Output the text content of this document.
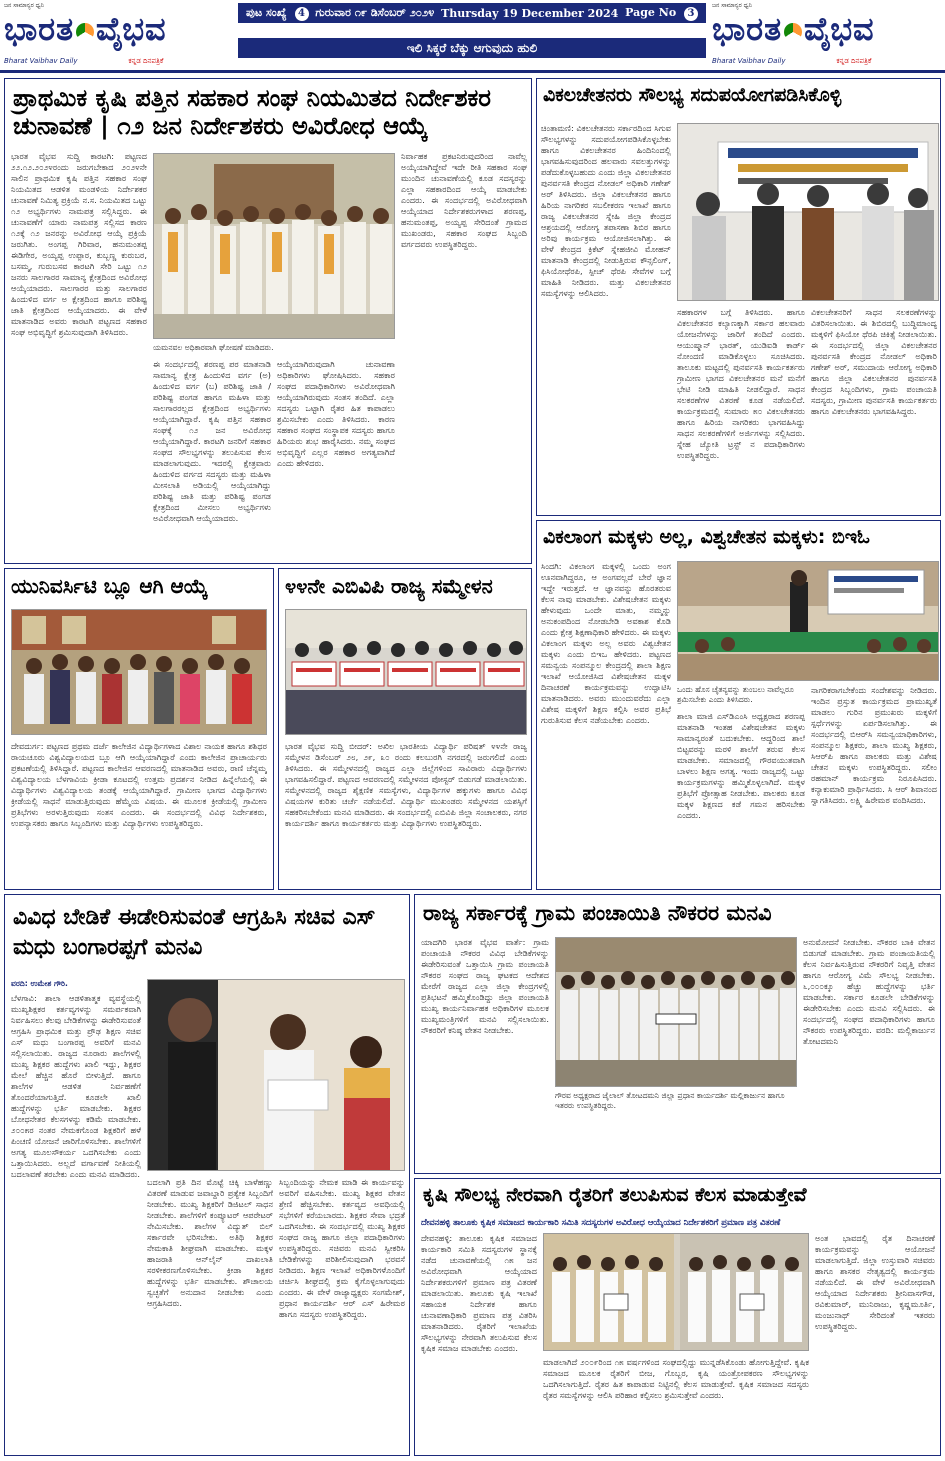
ಜನ ಸಾಮಾನ್ಯರ ಧ್ವನಿ
ಭಾರತ ವೈಭವ
Bharat Vaibhav Daily	ಕನ್ನಡ ದಿನಪತ್ರಿಕೆ
ಪುಟ ಸಂಖ್ಯೆ 4 ಗುರುವಾರ ೧೯ ಡಿಸೆಂಬರ್ ೨೦೨೪ Thursday 19 December 2024 Page No 3
ಇಲಿ ಸಿಕ್ಕರೆ ಬೆಕ್ಕು ಆಗುವುದು ಹುಲಿ
ಜನ ಸಾಮಾನ್ಯರ ಧ್ವನಿ
ಭಾರತ ವೈಭವ
Bharat Vaibhav Daily	ಕನ್ನಡ ದಿನಪತ್ರಿಕೆ
ಪ್ರಾಥಮಿಕ ಕೃಷಿ ಪತ್ತಿನ ಸಹಕಾರ ಸಂಘ ನಿಯಮಿತದ ನಿರ್ದೇಶಕರ ಚುನಾವಣೆ | ೧೨ ಜನ ನಿರ್ದೇಶಕರು ಅವಿರೋಧ ಆಯ್ಕೆ
ಭಾರತ ವೈಭವ ಸುದ್ದಿ ಕಾರಟಗಿ: ಪಟ್ಟಣದ ೨೨.೧೨.೨೦೨೪ರಂದು ಜರುಗಬೇಕಾದ ೨೦೨೪ನೇ ಸಾಲಿನ ಪ್ರಾಥಮಿಕ ಕೃಷಿ ಪತ್ತಿನ ಸಹಕಾರ ಸಂಘ ನಿಯಮಿತದ ಆಡಳಿತ ಮಂಡಳಿಯ ನಿರ್ದೇಶಕರ ಚುನಾವಣೆ ನಿಮಿತ್ಯ ಪ್ರಕ್ರಿಯೆ ನ.ಸ. ನಿಯಮಿತದ ಒಟ್ಟು ೧೨ ಅಭ್ಯರ್ಥಿಗಳು ನಾಮಪತ್ರ ಸಲ್ಲಿಸಿದ್ದರು. ಈ ಚುನಾವಣೆಗೆ ಯಾರು ನಾಮಪತ್ರ ಸಲ್ಲಿಸದ ಕಾರಣ ೧೨ಕ್ಕೆ ೧೨ ಜನರನ್ನು ಅವಿರೋಧ ಆಯ್ಕೆ ಪ್ರಕ್ರಿಯೆ ಜರುಗಿತು. ಅಂಗಪ್ಪ ಗಿರಿವಾರ, ಹನುಮಂತಪ್ಪ ಈಡಿಗೇರ, ಅಯ್ಯಪ್ಪ ಉಪ್ಪಾರ, ಕುಬ್ಬಣ್ಣ ಕುರುಬರ, ಬಸಮ್ಮ, ಗುರುಬಸವ ಕಾರಟಗಿ ಸೇರಿ ಒಟ್ಟು ೧೨ ಜನರು ಸಾಲಗಾರರ ಸಾಮಾನ್ಯ ಕ್ಷೇತ್ರದಿಂದ ಅವಿರೋಧ ಆಯ್ಕೆಯಾದರು. ಸಾಲಗಾರರ ಮತ್ತು ಸಾಲಗಾರರ ಹಿಂದುಳಿದ ವರ್ಗ ಅ ಕ್ಷೇತ್ರದಿಂದ ಹಾಗೂ ಪರಿಶಿಷ್ಟ ಜಾತಿ ಕ್ಷೇತ್ರದಿಂದ ಆಯ್ಕೆಯಾದರು. ಈ ವೇಳೆ ಮಾತನಾಡಿದ ಅವರು ಕಾರಟಗಿ ಪಟ್ಟಣದ ಸಹಕಾರ ಸಂಘ ಅಭಿವೃದ್ಧಿಗೆ ಶ್ರಮಿಸುವುದಾಗಿ ತಿಳಿಸಿದರು.
ಯಮನವಲ ಅಧಿಕಾರವಾಗಿ ಘೋಷಣೆ ಮಾಡಿದರು.
ಈ ಸಂದರ್ಭದಲ್ಲಿ ಶರಣಪ್ಪ ಪರ ಮಾತನಾಡಿ ಸಾಮಾನ್ಯ ಕ್ಷೇತ್ರ ಹಿಂದುಳಿದ ವರ್ಗ (ಅ) ಹಿಂದುಳಿದ ವರ್ಗ (ಬ) ಪರಿಶಿಷ್ಟ ಜಾತಿ / ಪರಿಶಿಷ್ಟ ಪಂಗಡ ಹಾಗೂ ಮಹಿಳಾ ಮತ್ತು ಸಾಲಗಾರರಲ್ಲದ ಕ್ಷೇತ್ರದಿಂದ ಅಭ್ಯರ್ಥಿಗಳು ಆಯ್ಕೆಯಾಗಿದ್ದಾರೆ. ಕೃಷಿ ಪತ್ತಿನ ಸಹಕಾರ ಸಂಘಕ್ಕೆ ೧೨ ಜನ ಅವಿರೋಧ ಆಯ್ಕೆಯಾಗಿದ್ದಾರೆ. ಕಾರಟಗಿ ಜನರಿಗೆ ಸಹಕಾರ ಸಂಘದ ಸೌಲಭ್ಯಗಳನ್ನು ತಲುಪಿಸುವ ಕೆಲಸ ಮಾಡಲಾಗುವುದು. ಇದರಲ್ಲಿ ಕ್ಷೇತ್ರವಾರು ಹಿಂದುಳಿದ ವರ್ಗದ ಸದಸ್ಯರು ಮತ್ತು ಮಹಿಳಾ ಮೀಸಲಾತಿ ಅಡಿಯಲ್ಲಿ ಆಯ್ಕೆಯಾಗಿದ್ದು ಪರಿಶಿಷ್ಟ ಜಾತಿ ಮತ್ತು ಪರಿಶಿಷ್ಟ ಪಂಗಡ ಕ್ಷೇತ್ರದಿಂದ ಮೀಸಲು ಅಭ್ಯರ್ಥಿಗಳು ಅವಿರೋಧವಾಗಿ ಆಯ್ಕೆಯಾದರು.
ಆಯ್ಕೆಯಾಗಿರುವುದಾಗಿ ಚುನಾವಣಾ ಅಧಿಕಾರಿಗಳು ಘೋಷಿಸಿದರು. ಸಹಕಾರ ಸಂಘದ ಪದಾಧಿಕಾರಿಗಳು ಅವಿರೋಧವಾಗಿ ಆಯ್ಕೆಯಾಗಿರುವುದು ಸಂತಸ ತಂದಿದೆ. ಎಲ್ಲಾ ಸದಸ್ಯರು ಒಟ್ಟಾಗಿ ರೈತರ ಹಿತ ಕಾಪಾಡಲು ಶ್ರಮಿಸಬೇಕು ಎಂದು ತಿಳಿಸಿದರು. ಕಾರಣ ಸಹಕಾರ ಸಂಘದ ಸಂಸ್ಥಾಪಕ ಸದಸ್ಯರು ಹಾಗೂ ಹಿರಿಯರು ಶುಭ ಹಾರೈಸಿದರು. ನಮ್ಮ ಸಂಘದ ಅಭಿವೃದ್ಧಿಗೆ ಎಲ್ಲರ ಸಹಕಾರ ಅಗತ್ಯವಾಗಿದೆ ಎಂದು ಹೇಳಿದರು.
ನಿರ್ವಾಹಕ ಪ್ರಕಟನಿರುವುದರಿಂದ ನಾವೆಲ್ಲ ಅಯ್ಕೆಯಾಗಿದ್ದೇವೆ ಇದೇ ರೀತಿ ಸಹಕಾರ ಸಂಘ ಮುಂದಿನ ಚುನಾವಣೆಯಲ್ಲಿ ಕೂಡ ಸದಸ್ಯರನ್ನು ಎಲ್ಲಾ ಸಹಕಾರದಿಂದ ಆಯ್ಕೆ ಮಾಡಬೇಕು ಎಂದರು. ಈ ಸಂದರ್ಭದಲ್ಲಿ ಅವಿರೋಧವಾಗಿ ಆಯ್ಕೆಯಾದ ನಿರ್ದೇಶಕರುಗಳಾದ ಶರಣಪ್ಪ, ಹನುಮಂತಪ್ಪ, ಅಯ್ಯಪ್ಪ ಸೇರಿದಂತೆ ಗ್ರಾಮದ ಮುಖಂಡರು, ಸಹಕಾರ ಸಂಘದ ಸಿಬ್ಬಂದಿ ವರ್ಗದವರು ಉಪಸ್ಥಿತರಿದ್ದರು.
ವಿಕಲಚೇತನರು ಸೌಲಭ್ಯ ಸದುಪಯೋಗಪಡಿಸಿಕೊಳ್ಳಿ
ಚಿಂತಾಮಣಿ: ವಿಕಲಚೇತನರು ಸರ್ಕಾರದಿಂದ ಸಿಗುವ ಸೌಲಭ್ಯಗಳನ್ನು ಸದುಪಯೋಗಪಡಿಸಿಕೊಳ್ಳಬೇಕು ಹಾಗೂ ವಿಕಲಚೇತನರ ಹಿಂದಿನಿಂದಲ್ಲಿ ಭಾಗವಹಿಸುವುದರಿಂದ ಹಲವಾರು ಸವಲತ್ತುಗಳನ್ನು ಪಡೆದುಕೊಳ್ಳಬಹುದು ಎಂದು ಜಿಲ್ಲಾ ವಿಕಲಚೇತನರ ಪುನರ್ವಸತಿ ಕೇಂದ್ರದ ನೋಡಲ್ ಅಧಿಕಾರಿ ಗಣೇಶ್ ಅರ್ ತಿಳಿಸಿದರು. ಜಿಲ್ಲಾ ವಿಕಲಚೇತನರ ಹಾಗೂ ಹಿರಿಯ ನಾಗರಿಕರ ಸಬಲೀಕರಣ ಇಲಾಖೆ ಹಾಗೂ ರಾಜ್ಯ ವಿಕಲಚೇತನರ ಸ್ನೇಹಿ ಜಿಲ್ಲಾ ಕೇಂದ್ರದ ಆಶ್ರಯದಲ್ಲಿ ಆರೋಗ್ಯ ತಪಾಸಣಾ ಶಿಬಿರ ಹಾಗೂ ಅರಿವು ಕಾರ್ಯಕ್ರಮ ಆಯೋಜಿಸಲಾಗಿತ್ತು. ಈ ವೇಳೆ ಕೇಂದ್ರದ ಕ್ರಿಕೆಟ್ ಸ್ನೇಹಜೀವಿ ಮೋಹನ್ ಮಾತನಾಡಿ ಕೇಂದ್ರದಲ್ಲಿ ನೀಡುತ್ತಿರುವ ಕೌನ್ಸಲಿಂಗ್, ಫಿಸಿಯೋಥೆರಪಿ, ಸ್ಪೀಚ್ ಥೆರಪಿ ಸೇವೆಗಳ ಬಗ್ಗೆ ಮಾಹಿತಿ ನೀಡಿದರು. ಮತ್ತು ವಿಕಲಚೇತನರ ಸಮಸ್ಯೆಗಳನ್ನು ಆಲಿಸಿದರು.
ಸಹಕಾರಗಳ ಬಗ್ಗೆ ತಿಳಿಸಿದರು. ಹಾಗೂ ವಿಕಲಚೇತನರ ಕಲ್ಯಾಣಕ್ಕಾಗಿ ಸರ್ಕಾರ ಹಲವಾರು ಯೋಜನೆಗಳನ್ನು ಜಾರಿಗೆ ತಂದಿದೆ ಎಂದರು. ಆಯುಷ್ಮಾನ್ ಭಾರತ್, ಯುಡಿಐಡಿ ಕಾರ್ಡ್ ನೋಂದಣಿ ಮಾಡಿಕೊಳ್ಳಲು ಸೂಚಿಸಿದರು. ತಾಲೂಕು ಮಟ್ಟದಲ್ಲಿ ಪುನರ್ವಸತಿ ಕಾರ್ಯಕರ್ತರು ಗ್ರಾಮೀಣ ಭಾಗದ ವಿಕಲಚೇತನರ ಮನೆ ಮನೆಗೆ ಭೇಟಿ ನೀಡಿ ಮಾಹಿತಿ ನೀಡಲಿದ್ದಾರೆ. ಸಾಧನ ಸಲಕರಣೆಗಳ ವಿತರಣೆ ಕೂಡ ನಡೆಯಲಿದೆ. ಕಾರ್ಯಕ್ರಮದಲ್ಲಿ ಸುಮಾರು ೫೦ ವಿಕಲಚೇತನರು ಹಾಗೂ ಹಿರಿಯ ನಾಗರಿಕರು ಭಾಗವಹಿಸಿದ್ದು ಸಾಧನ ಸಲಕರಣೆಗಳಿಗೆ ಅರ್ಜಿಗಳನ್ನು ಸಲ್ಲಿಸಿದರು. ಸ್ನೇಹ ಜ್ಯೋತಿ ಟ್ರಸ್ಟ್ ನ ಪದಾಧಿಕಾರಿಗಳು ಉಪಸ್ಥಿತರಿದ್ದರು.
ವಿಕಲಚೇತನರಿಗೆ ಸಾಧನ ಸಲಕರಣೆಗಳನ್ನು ವಿತರಿಸಲಾಯಿತು. ಈ ಶಿಬಿರದಲ್ಲಿ ಬುದ್ಧಿಮಾಂದ್ಯ ಮಕ್ಕಳಿಗೆ ಫಿಸಿಯೋ ಥೆರಪಿ ಚಿಕಿತ್ಸೆ ನೀಡಲಾಯಿತು. ಈ ಸಂದರ್ಭದಲ್ಲಿ ಜಿಲ್ಲಾ ವಿಕಲಚೇತನರ ಪುನರ್ವಸತಿ ಕೇಂದ್ರದ ನೋಡಲ್ ಅಧಿಕಾರಿ ಗಣೇಶ್ ಅರ್, ಸಮುದಾಯ ಆರೋಗ್ಯ ಅಧಿಕಾರಿ ಹಾಗೂ ಜಿಲ್ಲಾ ವಿಕಲಚೇತನರ ಪುನರ್ವಸತಿ ಕೇಂದ್ರದ ಸಿಬ್ಬಂದಿಗಳು, ಗ್ರಾಮ ಪಂಚಾಯತಿ ಸದಸ್ಯರು, ಗ್ರಾಮೀಣ ಪುನರ್ವಸತಿ ಕಾರ್ಯಕರ್ತರು ಹಾಗೂ ವಿಕಲಚೇತನರು ಭಾಗವಹಿಸಿದ್ದರು.
ಯುನಿವರ್ಸಿಟಿ ಬ್ಲೂ ಆಗಿ ಆಯ್ಕೆ
ದೇವದುರ್ಗ: ಪಟ್ಟಣದ ಪ್ರಥಮ ದರ್ಜೆ ಕಾಲೇಜಿನ ವಿದ್ಯಾರ್ಥಿಗಳಾದ ವಿಶಾಲ ನಾಯಕ ಹಾಗೂ ಶಶಿಧರ ರಾಯಚೂರು ವಿಶ್ವವಿದ್ಯಾಲಯದ ಬ್ಲೂ ಆಗಿ ಆಯ್ಕೆಯಾಗಿದ್ದಾರೆ ಎಂದು ಕಾಲೇಜಿನ ಪ್ರಾಚಾರ್ಯರು ಪ್ರಕಟಣೆಯಲ್ಲಿ ತಿಳಿಸಿದ್ದಾರೆ. ಪಟ್ಟಣದ ಕಾಲೇಜಿನ ಆವರಣದಲ್ಲಿ ಮಾತನಾಡಿದ ಅವರು, ರಾಣಿ ಚೆನ್ನಮ್ಮ ವಿಶ್ವವಿದ್ಯಾಲಯ ಬೆಳಗಾವಿಯ ಕ್ರೀಡಾ ಕೂಟದಲ್ಲಿ ಉತ್ತಮ ಪ್ರದರ್ಶನ ನೀಡಿದ ಹಿನ್ನೆಲೆಯಲ್ಲಿ ಈ ವಿದ್ಯಾರ್ಥಿಗಳು ವಿಶ್ವವಿದ್ಯಾಲಯ ತಂಡಕ್ಕೆ ಆಯ್ಕೆಯಾಗಿದ್ದಾರೆ. ಗ್ರಾಮೀಣ ಭಾಗದ ವಿದ್ಯಾರ್ಥಿಗಳು ಕ್ರೀಡೆಯಲ್ಲಿ ಸಾಧನೆ ಮಾಡುತ್ತಿರುವುದು ಹೆಮ್ಮೆಯ ವಿಷಯ. ಈ ಮೂಲಕ ಕ್ರೀಡೆಯಲ್ಲಿ ಗ್ರಾಮೀಣ ಪ್ರತಿಭೆಗಳು ಅರಳುತ್ತಿರುವುದು ಸಂತಸ ಎಂದರು. ಈ ಸಂದರ್ಭದಲ್ಲಿ ವಿವಿಧ ನಿರ್ದೇಶಕರು, ಉಪನ್ಯಾಸಕರು ಹಾಗೂ ಸಿಬ್ಬಂದಿಗಳು ಮತ್ತು ವಿದ್ಯಾರ್ಥಿಗಳು ಉಪಸ್ಥಿತರಿದ್ದರು.
೪೪ನೇ ಎಬಿವಿಪಿ ರಾಜ್ಯ ಸಮ್ಮೇಳನ
ಭಾರತ ವೈಭವ ಸುದ್ದಿ ಬೀದರ್: ಅಖಿಲ ಭಾರತೀಯ ವಿದ್ಯಾರ್ಥಿ ಪರಿಷತ್ ೪೪ನೇ ರಾಜ್ಯ ಸಮ್ಮೇಳನ ಡಿಸೆಂಬರ್ ೨೮, ೨೯, ೩೦ ರಂದು ಕಲಬುರಗಿ ನಗರದಲ್ಲಿ ಜರುಗಲಿದೆ ಎಂದು ತಿಳಿಸಿದರು. ಈ ಸಮ್ಮೇಳನದಲ್ಲಿ ರಾಜ್ಯದ ಎಲ್ಲಾ ಜಿಲ್ಲೆಗಳಿಂದ ಸಾವಿರಾರು ವಿದ್ಯಾರ್ಥಿಗಳು ಭಾಗವಹಿಸಲಿದ್ದಾರೆ. ಪಟ್ಟಣದ ಆವರಣದಲ್ಲಿ ಸಮ್ಮೇಳನದ ಪೋಸ್ಟರ್ ಬಿಡುಗಡೆ ಮಾಡಲಾಯಿತು. ಸಮ್ಮೇಳನದಲ್ಲಿ ರಾಜ್ಯದ ಶೈಕ್ಷಣಿಕ ಸಮಸ್ಯೆಗಳು, ವಿದ್ಯಾರ್ಥಿಗಳ ಹಕ್ಕುಗಳು ಹಾಗೂ ವಿವಿಧ ವಿಷಯಗಳ ಕುರಿತು ಚರ್ಚೆ ನಡೆಯಲಿದೆ. ವಿದ್ಯಾರ್ಥಿ ಮುಖಂಡರು ಸಮ್ಮೇಳನದ ಯಶಸ್ಸಿಗೆ ಸಹಕರಿಸಬೇಕೆಂದು ಮನವಿ ಮಾಡಿದರು. ಈ ಸಂದರ್ಭದಲ್ಲಿ ಎಬಿವಿಪಿ ಜಿಲ್ಲಾ ಸಂಚಾಲಕರು, ನಗರ ಕಾರ್ಯದರ್ಶಿ ಹಾಗೂ ಕಾರ್ಯಕರ್ತರು ಮತ್ತು ವಿದ್ಯಾರ್ಥಿಗಳು ಉಪಸ್ಥಿತರಿದ್ದರು.
ವಿಕಲಾಂಗ ಮಕ್ಕಳು ಅಲ್ಲ, ವಿಶ್ವಚೇತನ ಮಕ್ಕಳು: ಬಿಇಓ
ಸಿಂದಗಿ: ವಿಕಲಾಂಗ ಮಕ್ಕಳಲ್ಲಿ ಒಂದು ಅಂಗ ಊನವಾಗಿದ್ದರೂ, ಆ ಅಂಗವಲ್ಲದೆ ಬೇರೆ ಜ್ಞಾನ ಇದ್ದೇ ಇರುತ್ತದೆ. ಆ ಜ್ಞಾನವನ್ನು ಹೊರತರುವ ಕೆಲಸ ನಾವು ಮಾಡಬೇಕು. ವಿಶೇಷಚೇತನ ಮಕ್ಕಳು ಹೇಳುವುದು ಒಂದೇ ಮಾತು, ನಮ್ಮನ್ನು ಅನುಕಂಪದಿಂದ ನೋಡಬೇಡಿ ಅವಕಾಶ ಕೊಡಿ ಎಂದು ಕ್ಷೇತ್ರ ಶಿಕ್ಷಣಾಧಿಕಾರಿ ಹೇಳಿದರು. ಈ ಮಕ್ಕಳು ವಿಕಲಾಂಗ ಮಕ್ಕಳು ಅಲ್ಲ ಅವರು ವಿಶ್ವಚೇತನ ಮಕ್ಕಳು ಎಂದು ಬಿಇಒ ಹೇಳಿದರು. ಪಟ್ಟಣದ ಸಮನ್ವಯ ಸಂಪನ್ಮೂಲ ಕೇಂದ್ರದಲ್ಲಿ ಶಾಲಾ ಶಿಕ್ಷಣ ಇಲಾಖೆ ಆಯೋಜಿಸಿದ ವಿಶೇಷಚೇತನ ಮಕ್ಕಳ ದಿನಾಚರಣೆ ಕಾರ್ಯಕ್ರಮವನ್ನು ಉದ್ಘಾಟಿಸಿ ಮಾತನಾಡಿದರು. ಅವರು ಮುಂದುವರೆದು ಎಲ್ಲಾ ವಿಶೇಷ ಮಕ್ಕಳಿಗೆ ಶಿಕ್ಷಣ ಕಲ್ಪಿಸಿ ಅವರ ಪ್ರತಿಭೆ ಗುರುತಿಸುವ ಕೆಲಸ ನಡೆಯಬೇಕು ಎಂದರು.
ಒಂದು ಹೊಸ ಚೈತನ್ಯವನ್ನು ತುಂಬಲು ನಾವೆಲ್ಲರೂ ಶ್ರಮಿಸಬೇಕು ಎಂದು ತಿಳಿಸಿದರು.
ಶಾಲಾ ಮಾಜಿ ಎಸ್‌ಡಿಎಂಸಿ ಅಧ್ಯಕ್ಷರಾದ ಶರಣಪ್ಪ ಮಾತನಾಡಿ ಇಂತಹ ವಿಶೇಷಚೇತನ ಮಕ್ಕಳು ಸಾಮಾನ್ಯರಂತೆ ಬದುಕಬೇಕು. ಆದ್ದರಿಂದ ಶಾಲೆ ಬಿಟ್ಟವರನ್ನು ಮರಳಿ ಶಾಲೆಗೆ ತರುವ ಕೆಲಸ ಮಾಡಬೇಕು. ಸಮಾಜದಲ್ಲಿ ಗೌರವಯುತವಾಗಿ ಬಾಳಲು ಶಿಕ್ಷಣ ಅಗತ್ಯ. ಇಂದು ರಾಜ್ಯದಲ್ಲಿ ಒಟ್ಟು ಕಾರ್ಯಕ್ರಮಗಳನ್ನು ಹಮ್ಮಿಕೊಳ್ಳಲಾಗಿದೆ. ಮಕ್ಕಳ ಪ್ರತಿಭೆಗೆ ಪ್ರೋತ್ಸಾಹ ನೀಡಬೇಕು. ಪಾಲಕರು ಕೂಡ ಮಕ್ಕಳ ಶಿಕ್ಷಣದ ಕಡೆ ಗಮನ ಹರಿಸಬೇಕು ಎಂದರು.
ನಾಗರಿಕರಾಗಬೇಕೆಂದು ಸಂದೇಶವನ್ನು ನೀಡಿದರು. ಇಂದಿನ ಪ್ರಸ್ತುತ ಕಾರ್ಯಕ್ರಮದ ಪ್ರಾಮುಖ್ಯತೆ ಮಾಡಲು ಗುರಿನ ಪ್ರಮುಖರು ಮಕ್ಕಳಿಗೆ ಸ್ಪರ್ಧೆಗಳನ್ನು ಏರ್ಪಡಿಸಲಾಗಿತ್ತು. ಈ ಸಂದರ್ಭದಲ್ಲಿ ಬಿಆರ್‌ಸಿ ಸಮನ್ವಯಾಧಿಕಾರಿಗಳು, ಸಂಪನ್ಮೂಲ ಶಿಕ್ಷಕರು, ಶಾಲಾ ಮುಖ್ಯ ಶಿಕ್ಷಕರು, ಸಿಆರ್‌ಪಿ ಹಾಗೂ ಪಾಲಕರು ಮತ್ತು ವಿಶೇಷ ಚೇತನ ಮಕ್ಕಳು ಉಪಸ್ಥಿತರಿದ್ದರು. ಸಲೀಂ ರಹಮಾನ್ ಕಾರ್ಯಕ್ರಮ ನಿರೂಪಿಸಿದರು. ಕನ್ಯಾಕುಮಾರಿ ಪ್ರಾರ್ಥಿಸಿದರು. ಸಿ ಆರ್ ಶಿವಾನಂದ ಸ್ವಾಗತಿಸಿದರು. ಲಕ್ಷ್ಮಿ ಹಿರೇಮಠ ವಂದಿಸಿದರು.
ರಾಜ್ಯ ಸರ್ಕಾರಕ್ಕೆ ಗ್ರಾಮ ಪಂಚಾಯಿತಿ ನೌಕರರ ಮನವಿ
ಯಾದಗಿರಿ ಭಾರತ ವೈಭವ ವಾರ್ತೆ: ಗ್ರಾಮ ಪಂಚಾಯತಿ ನೌಕರರ ವಿವಿಧ ಬೇಡಿಕೆಗಳನ್ನು ಈಡೇರಿಸುವಂತೆ ಒತ್ತಾಯಿಸಿ ಗ್ರಾಮ ಪಂಚಾಯತಿ ನೌಕರರ ಸಂಘದ ರಾಜ್ಯ ಘಟಕದ ಆದೇಶದ ಮೇರೆಗೆ ರಾಜ್ಯದ ಎಲ್ಲಾ ಜಿಲ್ಲಾ ಕೇಂದ್ರಗಳಲ್ಲಿ ಪ್ರತಿಭಟನೆ ಹಮ್ಮಿಕೊಂಡಿದ್ದು ಜಿಲ್ಲಾ ಪಂಚಾಯತಿ ಮುಖ್ಯ ಕಾರ್ಯನಿರ್ವಾಹಕ ಅಧಿಕಾರಿಗಳ ಮೂಲಕ ಮುಖ್ಯಮಂತ್ರಿಗಳಿಗೆ ಮನವಿ ಸಲ್ಲಿಸಲಾಯಿತು. ನೌಕರರಿಗೆ ಕನಿಷ್ಠ ವೇತನ ನೀಡಬೇಕು.
ಗೌರವ ಅಧ್ಯಕ್ಷರಾದ ಜೈಲಾಲ್ ತೋಟದಮನಿ ಜಿಲ್ಲಾ ಪ್ರಧಾನ ಕಾರ್ಯದರ್ಶಿ ಮಲ್ಲಿಕಾರ್ಜುನ ಹಾಗೂ ಇತರರು ಉಪಸ್ಥಿತರಿದ್ದರು.
ಅನುಮೋದನೆ ನೀಡಬೇಕು. ನೌಕರರ ಬಾಕಿ ವೇತನ ಬಿಡುಗಡೆ ಮಾಡಬೇಕು. ಗ್ರಾಮ ಪಂಚಾಯತಿಯಲ್ಲಿ ಕೆಲಸ ನಿರ್ವಹಿಸುತ್ತಿರುವ ನೌಕರರಿಗೆ ನಿವೃತ್ತಿ ವೇತನ ಹಾಗೂ ಆರೋಗ್ಯ ವಿಮೆ ಸೌಲಭ್ಯ ನೀಡಬೇಕು. ೬,೦೦೦ಕ್ಕೂ ಹೆಚ್ಚು ಹುದ್ದೆಗಳನ್ನು ಭರ್ತಿ ಮಾಡಬೇಕು. ಸರ್ಕಾರ ಕೂಡಲೇ ಬೇಡಿಕೆಗಳನ್ನು ಈಡೇರಿಸಬೇಕು ಎಂದು ಮನವಿ ಸಲ್ಲಿಸಿದರು. ಈ ಸಂದರ್ಭದಲ್ಲಿ ಸಂಘದ ಪದಾಧಿಕಾರಿಗಳು ಹಾಗೂ ನೌಕರರು ಉಪಸ್ಥಿತರಿದ್ದರು. ವರದಿ: ಮಲ್ಲಿಕಾರ್ಜುನ ತೋಟದಮನಿ
ವಿವಿಧ ಬೇಡಿಕೆ ಈಡೇರಿಸುವಂತೆ ಆಗ್ರಹಿಸಿ ಸಚಿವ ಎಸ್ ಮಧು ಬಂಗಾರಪ್ಪಗೆ ಮನವಿ
ವರದಿ: ಉಮೇಶ ಗೌರಿ.
ಬೆಳಗಾವಿ: ಶಾಲಾ ಆಡಳಿತಾತ್ಮಕ ವ್ಯವಸ್ಥೆಯಲ್ಲಿ ಮುಖ್ಯಶಿಕ್ಷಕರ ಕರ್ತವ್ಯಗಳನ್ನು ಸಮರ್ಪಕವಾಗಿ ನಿರ್ವಹಿಸಲು ಕೆಲವು ಬೇಡಿಕೆಗಳನ್ನು ಈಡೇರಿಸುವಂತೆ ಆಗ್ರಹಿಸಿ ಪ್ರಾಥಮಿಕ ಮತ್ತು ಪ್ರೌಢ ಶಿಕ್ಷಣ ಸಚಿವ ಎಸ್ ಮಧು ಬಂಗಾರಪ್ಪ ಅವರಿಗೆ ಮನವಿ ಸಲ್ಲಿಸಲಾಯಿತು. ರಾಜ್ಯದ ನೂರಾರು ಶಾಲೆಗಳಲ್ಲಿ ಮುಖ್ಯ ಶಿಕ್ಷಕರ ಹುದ್ದೆಗಳು ಖಾಲಿ ಇದ್ದು, ಶಿಕ್ಷಕರ ಮೇಲೆ ಹೆಚ್ಚಿನ ಹೊರೆ ಬೀಳುತ್ತಿದೆ. ಹಾಗೂ ಶಾಲೆಗಳ ಆಡಳಿತ ನಿರ್ವಹಣೆಗೆ ತೊಂದರೆಯಾಗುತ್ತಿದೆ. ಕೂಡಲೇ ಖಾಲಿ ಹುದ್ದೆಗಳನ್ನು ಭರ್ತಿ ಮಾಡಬೇಕು. ಶಿಕ್ಷಕರ ಬೋಧನೇತರ ಕೆಲಸಗಳನ್ನು ಕಡಿಮೆ ಮಾಡಬೇಕು. ೨೦೦೫ರ ನಂತರ ನೇಮಕಗೊಂಡ ಶಿಕ್ಷಕರಿಗೆ ಹಳೆ ಪಿಂಚಣಿ ಯೋಜನೆ ಜಾರಿಗೊಳಿಸಬೇಕು. ಶಾಲೆಗಳಿಗೆ ಅಗತ್ಯ ಮೂಲಸೌಕರ್ಯ ಒದಗಿಸಬೇಕು ಎಂದು ಒತ್ತಾಯಿಸಿದರು. ಅಲ್ಲದೆ ವರ್ಗಾವಣೆ ನೀತಿಯಲ್ಲಿ ಬದಲಾವಣೆ ತರಬೇಕು ಎಂದು ಮನವಿ ಮಾಡಿದರು.
ಬದಲಾಗಿ ಪ್ರತಿ ದಿನ ಮೊಟ್ಟೆ ಚಿಕ್ಕಿ ಬಾಳೆಹಣ್ಣು ವಿತರಣೆ ಮಾಡುವ ಜವಾಬ್ದಾರಿ ಪ್ರತ್ಯೇಕ ಸಿಬ್ಬಂದಿಗೆ ನೀಡಬೇಕು. ಮುಖ್ಯ ಶಿಕ್ಷಕರಿಗೆ ಡಿಜಿಟಲ್ ಸಾಧನ ನೀಡಬೇಕು. ಶಾಲೆಗಳಿಗೆ ಕಂಪ್ಯೂಟರ್ ಆಪರೇಟರ್ ನೇಮಿಸಬೇಕು. ಶಾಲೆಗಳ ವಿದ್ಯುತ್ ಬಿಲ್ ಸರ್ಕಾರವೇ ಭರಿಸಬೇಕು. ಅತಿಥಿ ಶಿಕ್ಷಕರ ನೇಮಕಾತಿ ಶೀಘ್ರವಾಗಿ ಮಾಡಬೇಕು. ಮಕ್ಕಳ ಹಾಜರಾತಿ ಆನ್‌ಲೈನ್ ದಾಖಲಾತಿ ಸರಳೀಕರಣಗೊಳಿಸಬೇಕು. ಕ್ರೀಡಾ ಶಿಕ್ಷಕರ ಹುದ್ದೆಗಳನ್ನು ಭರ್ತಿ ಮಾಡಬೇಕು. ಶೌಚಾಲಯ ಸ್ವಚ್ಛತೆಗೆ ಅನುದಾನ ನೀಡಬೇಕು ಎಂದು ಆಗ್ರಹಿಸಿದರು.
ಸಿಬ್ಬಂದಿಯನ್ನು ನೇಮಕ ಮಾಡಿ ಈ ಕಾರ್ಯವನ್ನು ಅವರಿಗೆ ವಹಿಸಬೇಕು. ಮುಖ್ಯ ಶಿಕ್ಷಕರ ವೇತನ ಶ್ರೇಣಿ ಹೆಚ್ಚಿಸಬೇಕು. ಕರ್ತವ್ಯದ ಅವಧಿಯಲ್ಲಿ ಸಭೆಗಳಿಗೆ ಕರೆಯಬಾರದು. ಶಿಕ್ಷಕರ ಸೇವಾ ಭದ್ರತೆ ಒದಗಿಸಬೇಕು. ಈ ಸಂದರ್ಭದಲ್ಲಿ ಮುಖ್ಯ ಶಿಕ್ಷಕರ ಸಂಘದ ರಾಜ್ಯ ಹಾಗೂ ಜಿಲ್ಲಾ ಪದಾಧಿಕಾರಿಗಳು ಉಪಸ್ಥಿತರಿದ್ದರು. ಸಚಿವರು ಮನವಿ ಸ್ವೀಕರಿಸಿ ಬೇಡಿಕೆಗಳನ್ನು ಪರಿಶೀಲಿಸುವುದಾಗಿ ಭರವಸೆ ನೀಡಿದರು. ಶಿಕ್ಷಣ ಇಲಾಖೆ ಅಧಿಕಾರಿಗಳೊಂದಿಗೆ ಚರ್ಚಿಸಿ ಶೀಘ್ರದಲ್ಲಿ ಕ್ರಮ ಕೈಗೊಳ್ಳಲಾಗುವುದು ಎಂದರು. ಈ ವೇಳೆ ರಾಜ್ಯಾಧ್ಯಕ್ಷರು ಸಂಗಮೇಶ್, ಪ್ರಧಾನ ಕಾರ್ಯದರ್ಶಿ ಆರ್ ಎಸ್ ಹಿರೇಮಠ ಹಾಗೂ ಸದಸ್ಯರು ಉಪಸ್ಥಿತರಿದ್ದರು.
ಕೃಷಿ ಸೌಲಭ್ಯ ನೇರವಾಗಿ ರೈತರಿಗೆ ತಲುಪಿಸುವ ಕೆಲಸ ಮಾಡುತ್ತೇವೆ
ದೇವನಹಳ್ಳಿ ತಾಲೂಕು ಕೃಷಿಕ ಸಮಾಜದ ಕಾರ್ಯಕಾರಿ ಸಮಿತಿ ಸದಸ್ಯರುಗಳ ಅವಿರೋಧ ಆಯ್ಕೆಯಾದ ನಿರ್ದೇಶಕರಿಗೆ ಪ್ರಮಾಣ ಪತ್ರ ವಿತರಣೆ
ದೇವನಹಳ್ಳಿ: ತಾಲೂಕು ಕೃಷಿಕ ಸಮಾಜದ ಕಾರ್ಯಕಾರಿ ಸಮಿತಿ ಸದಸ್ಯರುಗಳ ಸ್ಥಾನಕ್ಕೆ ನಡೆದ ಚುನಾವಣೆಯಲ್ಲಿ ೧೫ ಜನ ಅವಿರೋಧವಾಗಿ ಆಯ್ಕೆಯಾದ ನಿರ್ದೇಶಕರುಗಳಿಗೆ ಪ್ರಮಾಣ ಪತ್ರ ವಿತರಣೆ ಮಾಡಲಾಯಿತು. ತಾಲೂಕು ಕೃಷಿ ಇಲಾಖೆ ಸಹಾಯಕ ನಿರ್ದೇಶಕ ಹಾಗೂ ಚುನಾವಣಾಧಿಕಾರಿ ಪ್ರಮಾಣ ಪತ್ರ ವಿತರಿಸಿ ಮಾತನಾಡಿದರು. ರೈತರಿಗೆ ಇಲಾಖೆಯ ಸೌಲಭ್ಯಗಳನ್ನು ನೇರವಾಗಿ ತಲುಪಿಸುವ ಕೆಲಸ ಕೃಷಿಕ ಸಮಾಜ ಮಾಡಬೇಕು ಎಂದರು.
ಮಾಡಲಾಗಿದೆ ೨೦೦೯ರಿಂದ ೧೫ ವರ್ಷಗಳಿಂದ ಸಂಘದಲ್ಲಿದ್ದು ಮುನ್ನಡೆಸಿಕೊಂಡು ಹೋಗುತ್ತಿದ್ದೇವೆ. ಕೃಷಿಕ ಸಮಾಜದ ಮೂಲಕ ರೈತರಿಗೆ ಬೀಜ, ಗೊಬ್ಬರ, ಕೃಷಿ ಯಂತ್ರೋಪಕರಣ ಸೌಲಭ್ಯಗಳನ್ನು ಒದಗಿಸಲಾಗುತ್ತಿದೆ. ರೈತರ ಹಿತ ಕಾಪಾಡುವ ನಿಟ್ಟಿನಲ್ಲಿ ಕೆಲಸ ಮಾಡುತ್ತೇವೆ. ಕೃಷಿಕ ಸಮಾಜದ ಸದಸ್ಯರು ರೈತರ ಸಮಸ್ಯೆಗಳನ್ನು ಆಲಿಸಿ ಪರಿಹಾರ ಕಲ್ಪಿಸಲು ಶ್ರಮಿಸುತ್ತೇವೆ ಎಂದರು.
ಅಂತ ಭಾವದಲ್ಲಿ ರೈತ ದಿನಾಚರಣೆ ಕಾರ್ಯಕ್ರಮವನ್ನು ಆಯೋಜನೆ ಮಾಡಲಾಗುತ್ತಿದೆ. ಜಿಲ್ಲಾ ಉಸ್ತುವಾರಿ ಸಚಿವರು ಹಾಗೂ ಶಾಸಕರ ನೇತೃತ್ವದಲ್ಲಿ ಕಾರ್ಯಕ್ರಮ ನಡೆಯಲಿದೆ. ಈ ವೇಳೆ ಅವಿರೋಧವಾಗಿ ಆಯ್ಕೆಯಾದ ನಿರ್ದೇಶಕರು ಶ್ರೀನಿವಾಸಗೌಡ, ರವಿಕುಮಾರ್, ಮುನಿರಾಜು, ಕೃಷ್ಣಮೂರ್ತಿ, ಮಂಜುನಾಥ್ ಸೇರಿದಂತೆ ಇತರರು ಉಪಸ್ಥಿತರಿದ್ದರು.
